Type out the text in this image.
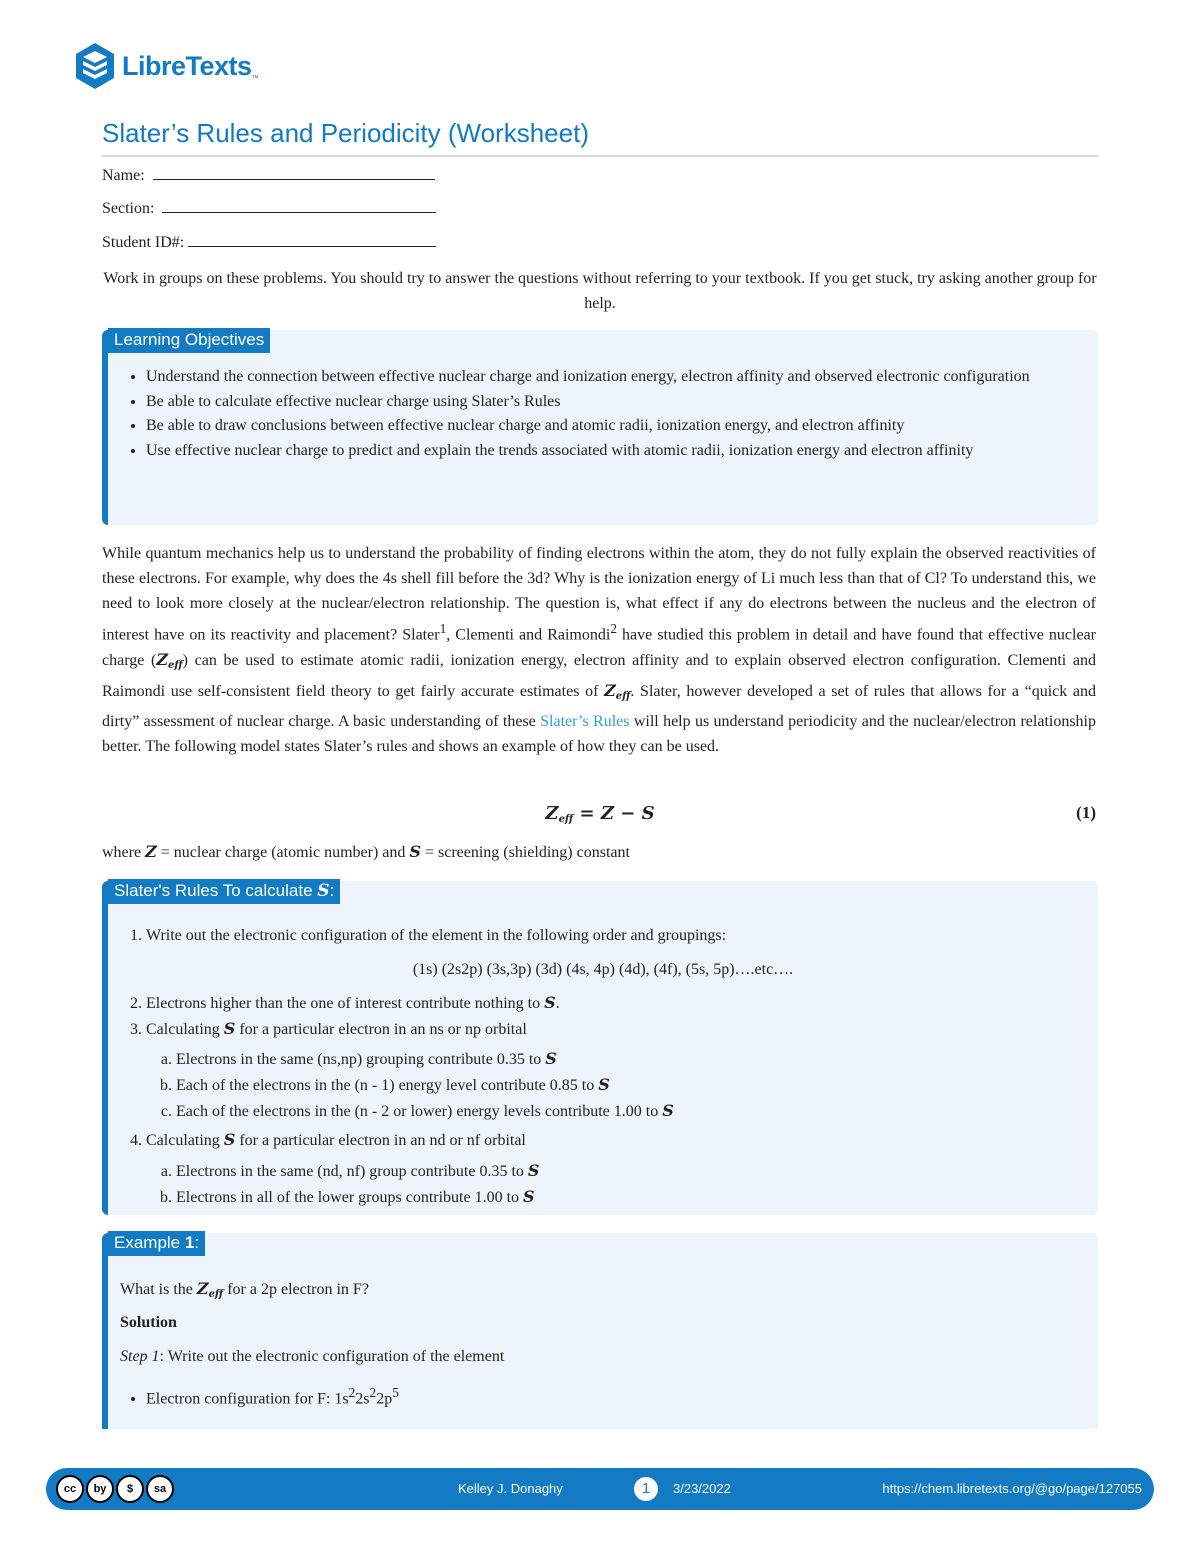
LibreTexts ™
Slater’s Rules and Periodicity (Worksheet)
Name:
Section:
Student ID#:
Work in groups on these problems. You should try to answer the questions without referring to your textbook. If you get stuck, try asking another group for help.
Learning Objectives
• Understand the connection between effective nuclear charge and ionization energy, electron affinity and observed electronic configuration
• Be able to calculate effective nuclear charge using Slater’s Rules
• Be able to draw conclusions between effective nuclear charge and atomic radii, ionization energy, and electron affinity
• Use effective nuclear charge to predict and explain the trends associated with atomic radii, ionization energy and electron affinity
While quantum mechanics help us to understand the probability of finding electrons within the atom, they do not fully explain the observed reactivities of these electrons. For example, why does the 4s shell fill before the 3d? Why is the ionization energy of Li much less than that of Cl? To understand this, we need to look more closely at the nuclear/electron relationship. The question is, what effect if any do electrons between the nucleus and the electron of interest have on its reactivity and placement? Slater$^1$, Clementi and Raimondi$^2$ have studied this problem in detail and have found that effective nuclear charge $(Z_{eff})$ can be used to estimate atomic radii, ionization energy, electron affinity and to explain observed electron configuration. Clementi and Raimondi use self-consistent field theory to get fairly accurate estimates of $Z_{eff}$. Slater, however developed a set of rules that allows for a “quick and dirty” assessment of nuclear charge. A basic understanding of these Slater’s Rules will help us understand periodicity and the nuclear/electron relationship better. The following model states Slater’s rules and shows an example of how they can be used.
$Z_{eff} = Z - S$	(1)
where Z = nuclear charge (atomic number) and S = screening (shielding) constant
Slater's Rules To calculate S:
1. Write out the electronic configuration of the element in the following order and groupings:
(1s) (2s2p) (3s,3p) (3d) (4s, 4p) (4d), (4f), (5s, 5p)….etc….
2. Electrons higher than the one of interest contribute nothing to S.
3. Calculating S for a particular electron in an ns or np orbital
a. Electrons in the same (ns,np) grouping contribute 0.35 to S
b. Each of the electrons in the (n - 1) energy level contribute 0.85 to S
c. Each of the electrons in the (n - 2 or lower) energy levels contribute 1.00 to S
4. Calculating S for a particular electron in an nd or nf orbital
a. Electrons in the same (nd, nf) group contribute 0.35 to S
b. Electrons in all of the lower groups contribute 1.00 to S
Example 1:
What is the $Z_{eff}$ for a 2p electron in F?
Solution
Step 1: Write out the electronic configuration of the element
• Electron configuration for F: $1s^22s^22p^5$
cc	by	$	sa	Kelley J. Donaghy	1	3/23/2022	https://chem.libretexts.org/@go/page/127055
